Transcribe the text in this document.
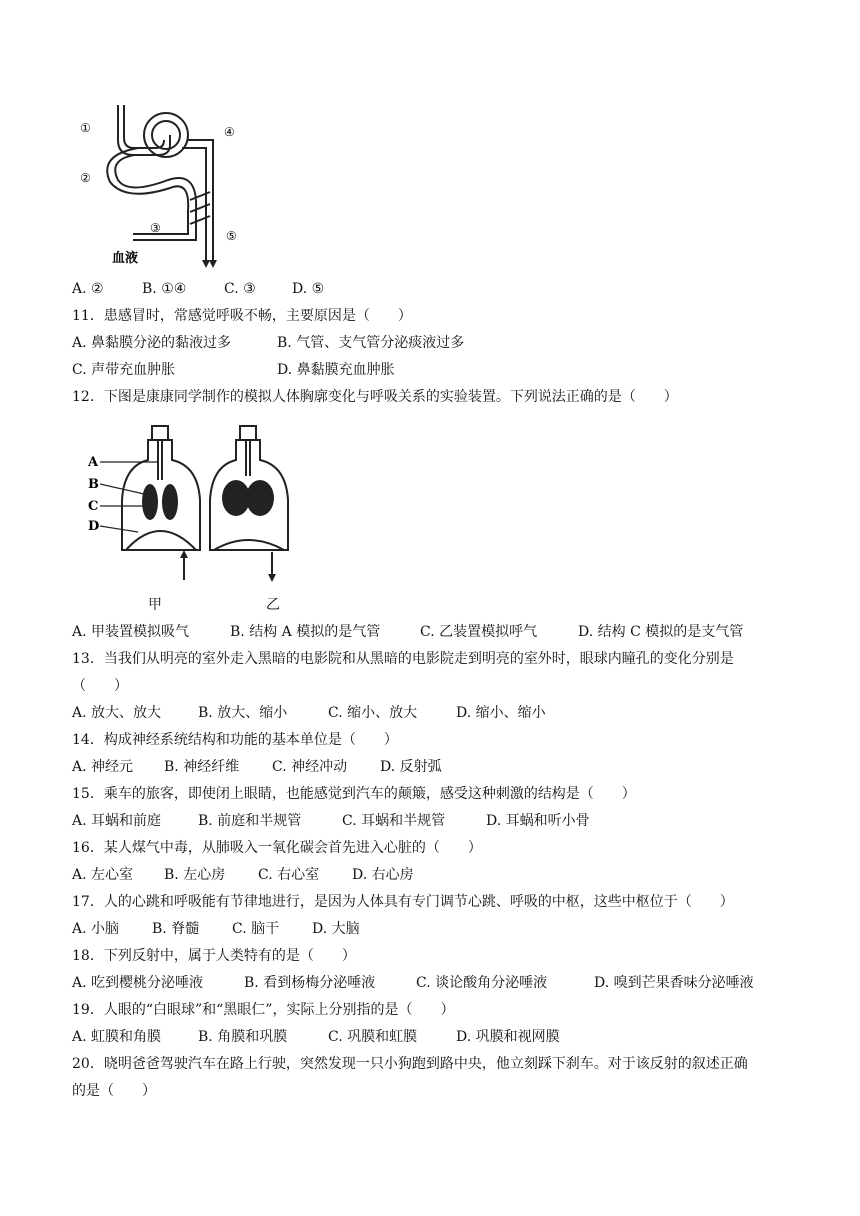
①
②
③
④
⑤
血液
A. ②	B. ①④	C. ③	D. ⑤
11．患感冒时，常感觉呼吸不畅，主要原因是（　　）
A. 鼻黏膜分泌的黏液过多	B. 气管、支气管分泌痰液过多
C. 声带充血肿胀	D. 鼻黏膜充血肿胀
12．下图是康康同学制作的模拟人体胸廓变化与呼吸关系的实验装置。下列说法正确的是（　　）
A
B
C
D
甲	乙
A. 甲装置模拟吸气	B. 结构 A 模拟的是气管	C. 乙装置模拟呼气	D. 结构 C 模拟的是支气管
13．当我们从明亮的室外走入黑暗的电影院和从黑暗的电影院走到明亮的室外时，眼球内瞳孔的变化分别是
（　　）
A. 放大、放大	B. 放大、缩小	C. 缩小、放大	D. 缩小、缩小
14．构成神经系统结构和功能的基本单位是（　　）
A. 神经元 B. 神经纤维 C. 神经冲动 D. 反射弧
15．乘车的旅客，即使闭上眼睛，也能感觉到汽车的颠簸，感受这种刺激的结构是（　　）
A. 耳蜗和前庭	B. 前庭和半规管	C. 耳蜗和半规管	D. 耳蜗和听小骨
16．某人煤气中毒，从肺吸入一氧化碳会首先进入心脏的（　　）
A. 左心室 B. 左心房 C. 右心室 D. 右心房
17．人的心跳和呼吸能有节律地进行，是因为人体具有专门调节心跳、呼吸的中枢，这些中枢位于（　　）
A. 小脑 B. 脊髓 C. 脑干 D. 大脑
18．下列反射中，属于人类特有的是（　　）
A. 吃到樱桃分泌唾液	B. 看到杨梅分泌唾液	C. 谈论酸角分泌唾液	D. 嗅到芒果香味分泌唾液
19．人眼的“白眼球”和“黑眼仁”，实际上分别指的是（　　）
A. 虹膜和角膜	B. 角膜和巩膜	C. 巩膜和虹膜	D. 巩膜和视网膜
20．晓明爸爸驾驶汽车在路上行驶，突然发现一只小狗跑到路中央，他立刻踩下刹车。对于该反射的叙述正确
的是（　　）
